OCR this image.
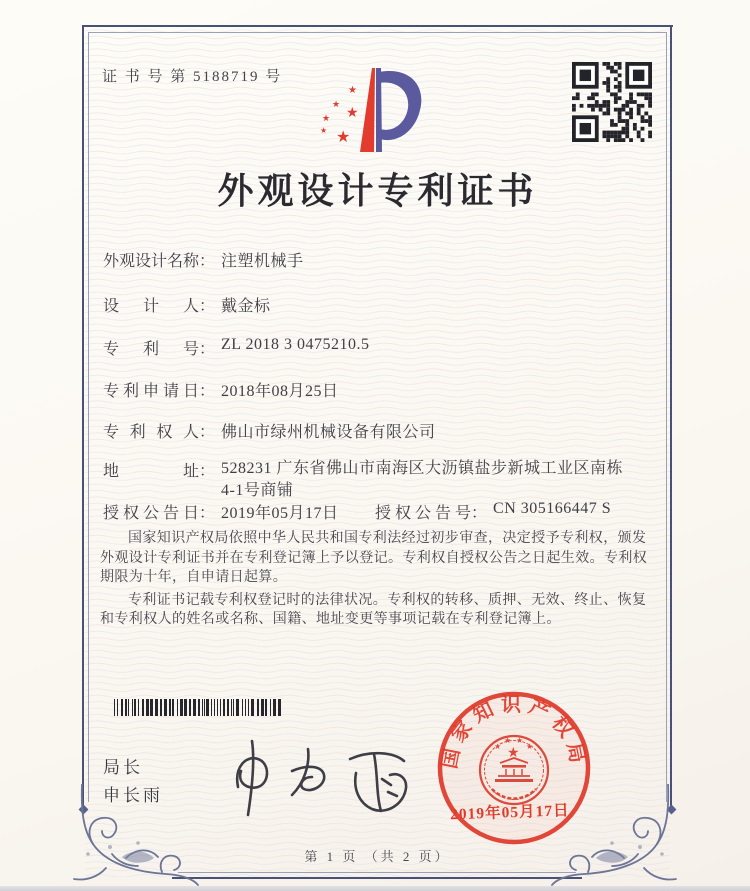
证 书 号 第 5188719 号
★
★ ★
★
★ ★
外观设计专利证书
外观设计名称： 注塑机械手
设计人： 戴金标
专利号： ZL 2018 3 0475210.5
专利申请日： 2018年08月25日
专利权人： 佛山市绿州机械设备有限公司
地址： 528231 广东省佛山市南海区大沥镇盐步新城工业区南栋4-1号商铺
授权公告日： 2019年05月17日 授权公告号： CN 305166447 S

国家知识产权局依照中华人民共和国专利法经过初步审查，决定授予专利权，颁发外观设计专利证书并在专利登记簿上予以登记。专利权自授权公告之日起生效。专利权期限为十年，自申请日起算。

专利证书记载专利权登记时的法律状况。专利权的转移、质押、无效、终止、恢复和专利权人的姓名或名称、国籍、地址变更等事项记载在专利登记簿上。

局长
申长雨
国家知识产权局
★
★
★ ★
★
2019年05月17日
第 1 页 （共 2 页）
